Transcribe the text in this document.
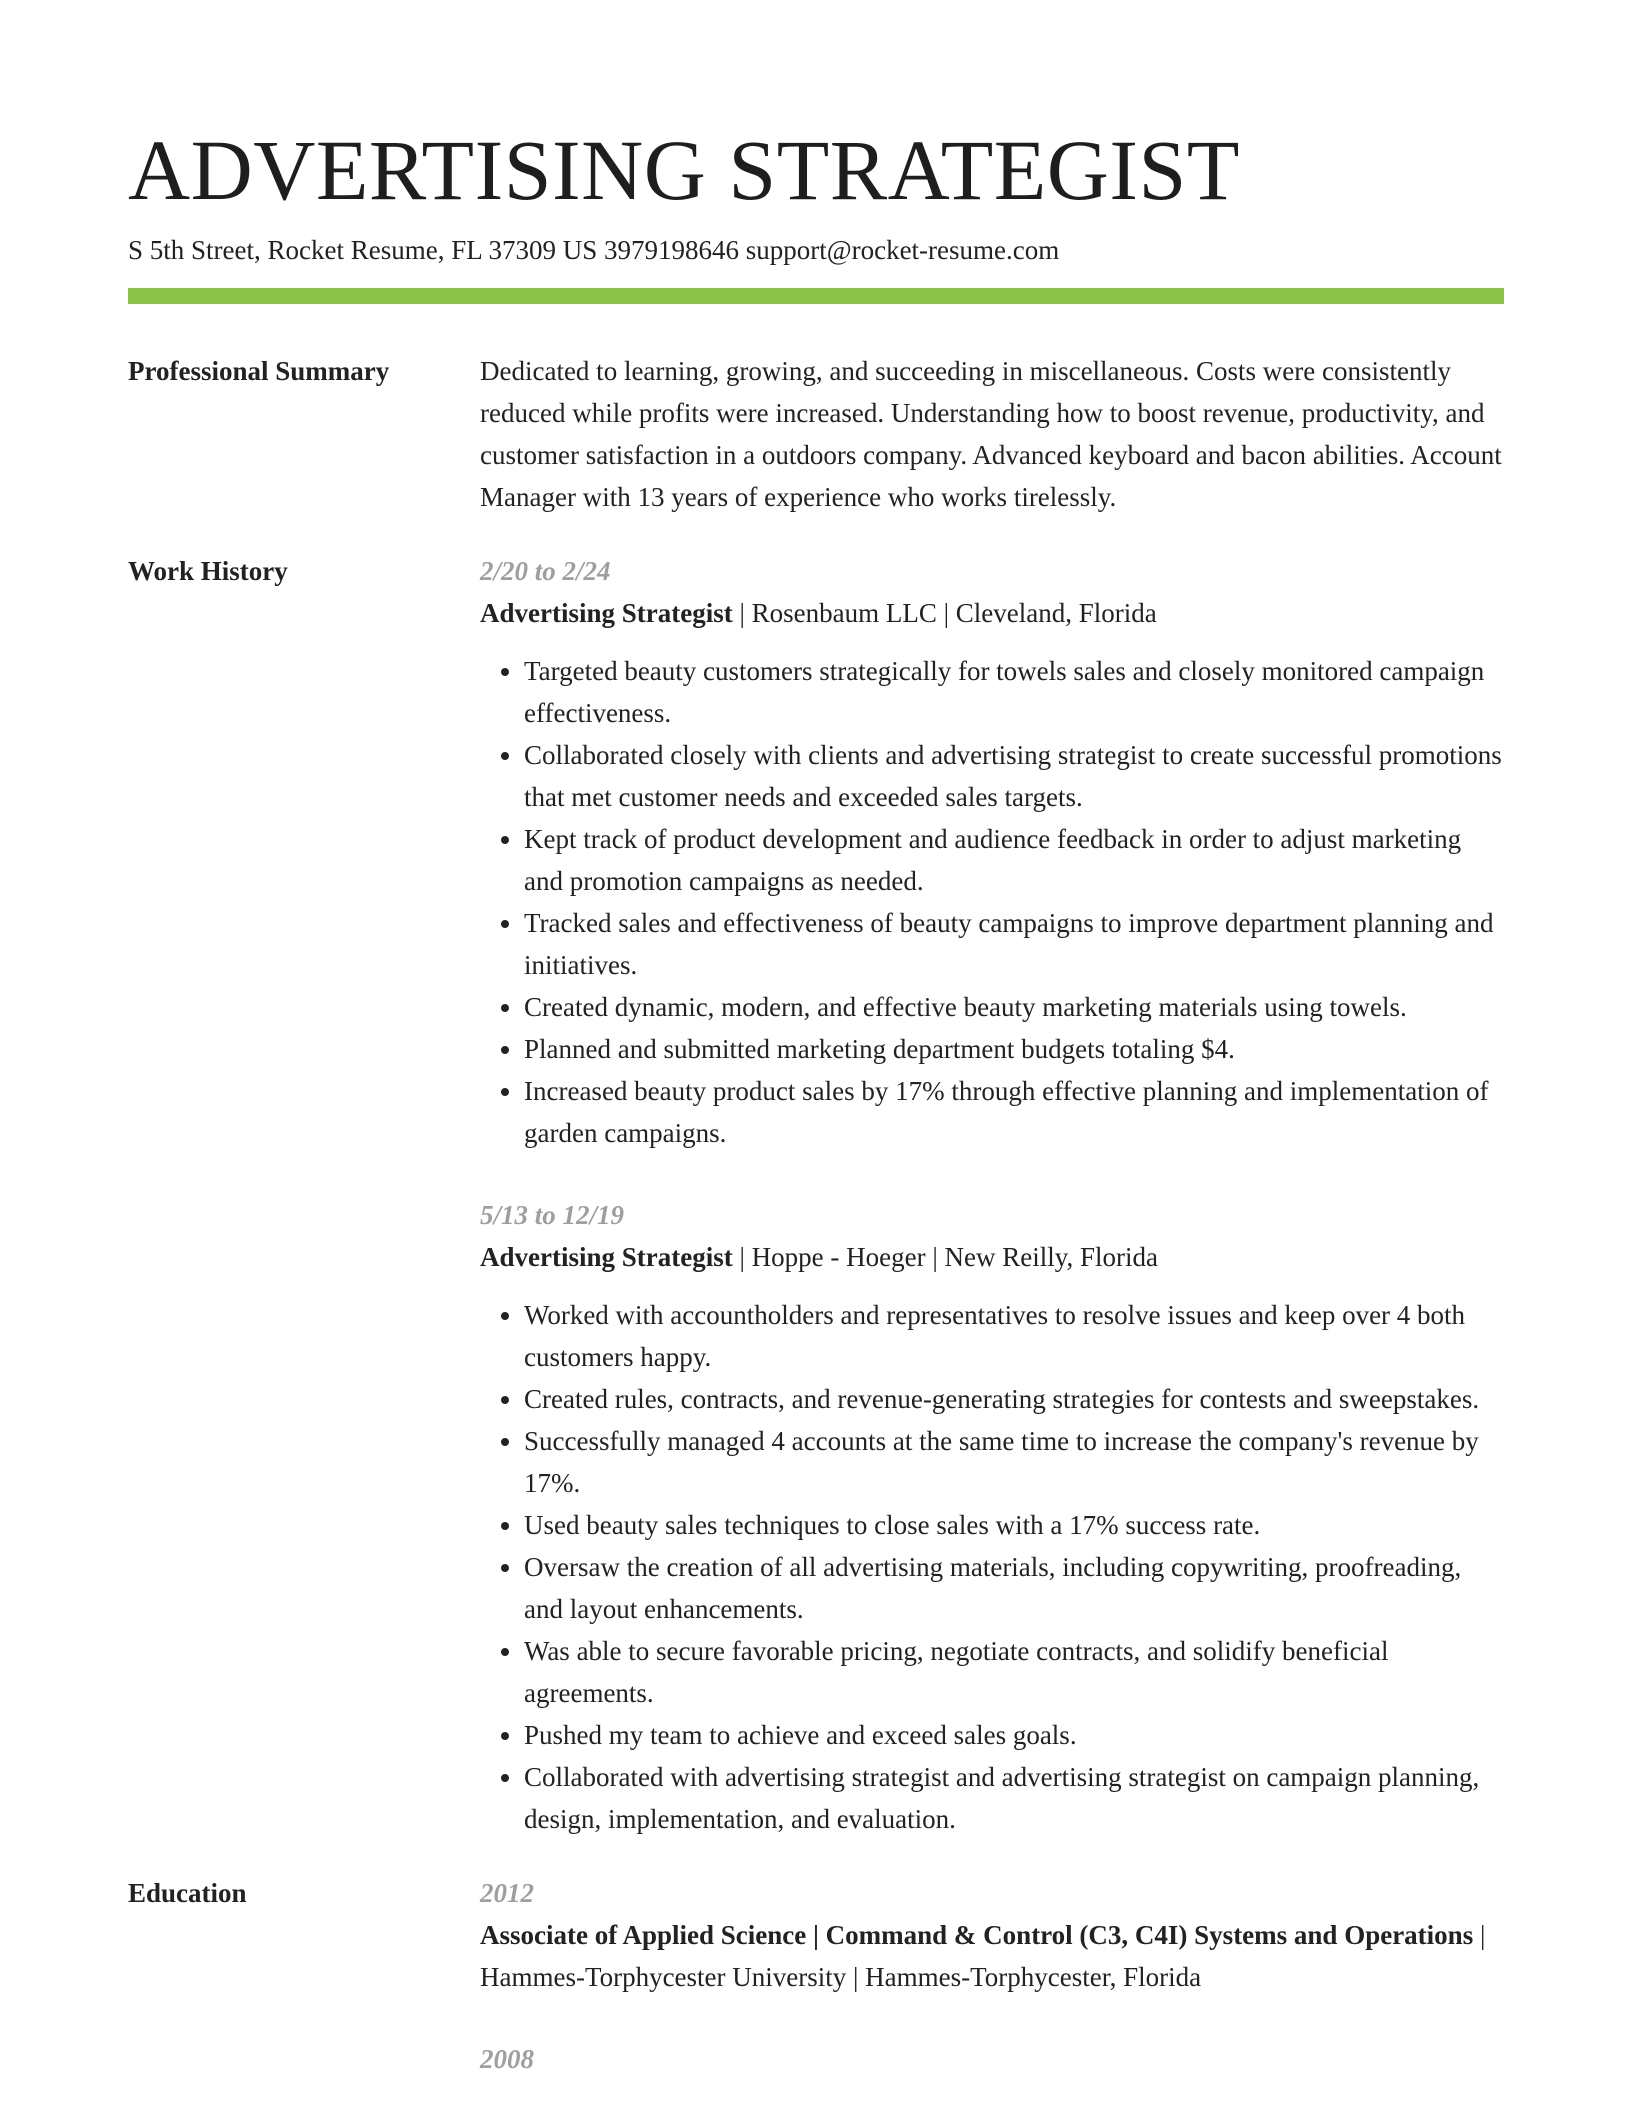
ADVERTISING STRATEGIST
S 5th Street, Rocket Resume, FL 37309 US 3979198646 support@rocket-resume.com
Professional Summary	Dedicated to learning, growing, and succeeding in miscellaneous. Costs were consistently reduced while profits were increased. Understanding how to boost revenue, productivity, and customer satisfaction in a outdoors company. Advanced keyboard and bacon abilities. Account Manager with 13 years of experience who works tirelessly.

Work History	2/20 to 2/24
Advertising Strategist | Rosenbaum LLC | Cleveland, Florida
• Targeted beauty customers strategically for towels sales and closely monitored campaign effectiveness.
• Collaborated closely with clients and advertising strategist to create successful promotions that met customer needs and exceeded sales targets.
• Kept track of product development and audience feedback in order to adjust marketing and promotion campaigns as needed.
• Tracked sales and effectiveness of beauty campaigns to improve department planning and initiatives.
• Created dynamic, modern, and effective beauty marketing materials using towels.
• Planned and submitted marketing department budgets totaling $4.
• Increased beauty product sales by 17% through effective planning and implementation of garden campaigns.
5/13 to 12/19
Advertising Strategist | Hoppe - Hoeger | New Reilly, Florida
• Worked with accountholders and representatives to resolve issues and keep over 4 both customers happy.
• Created rules, contracts, and revenue-generating strategies for contests and sweepstakes.
• Successfully managed 4 accounts at the same time to increase the company's revenue by 17%.
• Used beauty sales techniques to close sales with a 17% success rate.
• Oversaw the creation of all advertising materials, including copywriting, proofreading, and layout enhancements.
• Was able to secure favorable pricing, negotiate contracts, and solidify beneficial agreements.
• Pushed my team to achieve and exceed sales goals.
• Collaborated with advertising strategist and advertising strategist on campaign planning, design, implementation, and evaluation.
Education	2012
Associate of Applied Science | Command & Control (C3, C4I) Systems and Operations| Hammes-Torphycester University | Hammes-Torphycester, Florida
2008
